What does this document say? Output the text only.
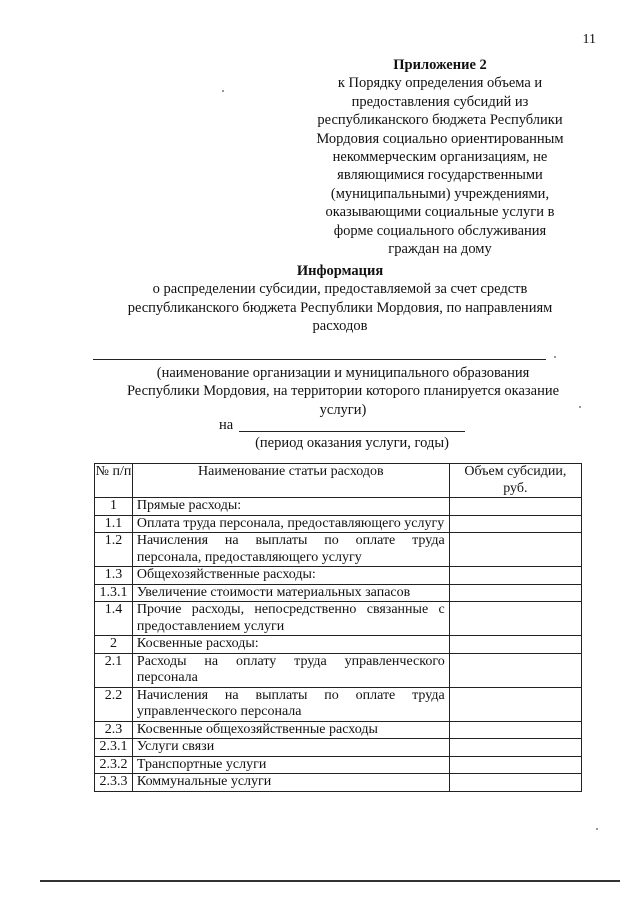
11
Приложение 2
к Порядку определения объема и
предоставления субсидий из
республиканского бюджета Республики
Мордовия социально ориентированным
некоммерческим организациям, не
являющимися государственными
(муниципальными) учреждениями,
оказывающими социальные услуги в
форме социального обслуживания
граждан на дому
Информация
о распределении субсидии, предоставляемой за счет средств
республиканского бюджета Республики Мордовия, по направлениям
расходов
(наименование организации и муниципального образования
Республики Мордовия, на территории которого планируется оказание
услуги)
на
(период оказания услуги, годы)
№ п/п	Наименование статьи расходов	Объем субсидии, руб.
1	Прямые расходы:	
1.1	Оплата труда персонала, предоставляющего услугу	
1.2	Начисления на выплаты по оплате труда персонала, предоставляющего услугу	
1.3	Общехозяйственные расходы:	
1.3.1	Увеличение стоимости материальных запасов	
1.4	Прочие расходы, непосредственно связанные с предоставлением услуги	
2	Косвенные расходы:	
2.1	Расходы на оплату труда управленческого персонала	
2.2	Начисления на выплаты по оплате труда управленческого персонала	
2.3	Косвенные общехозяйственные расходы	
2.3.1	Услуги связи	
2.3.2	Транспортные услуги	
2.3.3	Коммунальные услуги	
